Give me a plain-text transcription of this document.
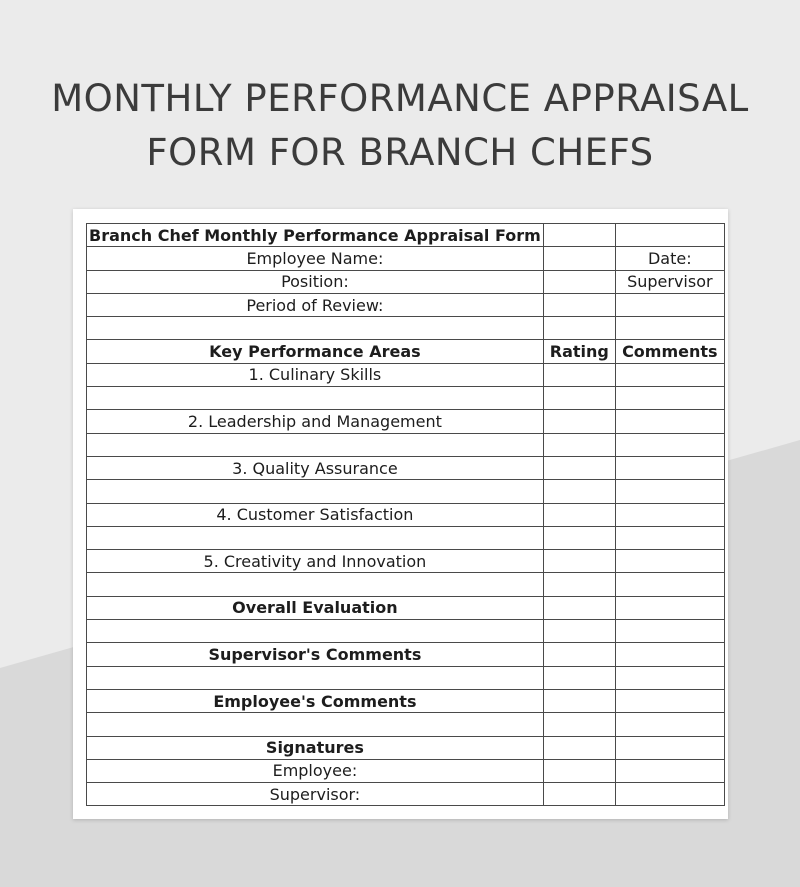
MONTHLY PERFORMANCE APPRAISAL
FORM FOR BRANCH CHEFS
Branch Chef Monthly Performance Appraisal Form		
Employee Name:		Date:
Position:		Supervisor
Period of Review:		

Key Performance Areas	Rating	Comments
1. Culinary Skills		

2. Leadership and Management		

3. Quality Assurance		

4. Customer Satisfaction		

5. Creativity and Innovation		

Overall Evaluation		

Supervisor's Comments		

Employee's Comments		

Signatures		
Employee:		
Supervisor:		
